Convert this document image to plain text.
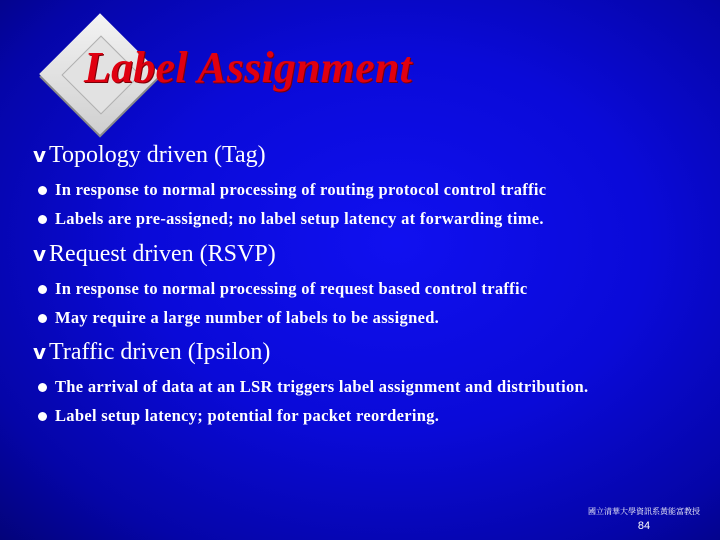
Label Assignment
v Topology driven (Tag)
In response to normal processing of routing protocol control traffic
Labels are pre-assigned; no label setup latency at forwarding time.
v Request driven (RSVP)
In response to normal processing of request based control traffic
May require a large number of labels to be assigned.
v Traffic driven (Ipsilon)
The arrival of data at an LSR triggers label assignment and distribution.
Label setup latency; potential for packet reordering.
國立清華大學資訊系黃能富教授
84
